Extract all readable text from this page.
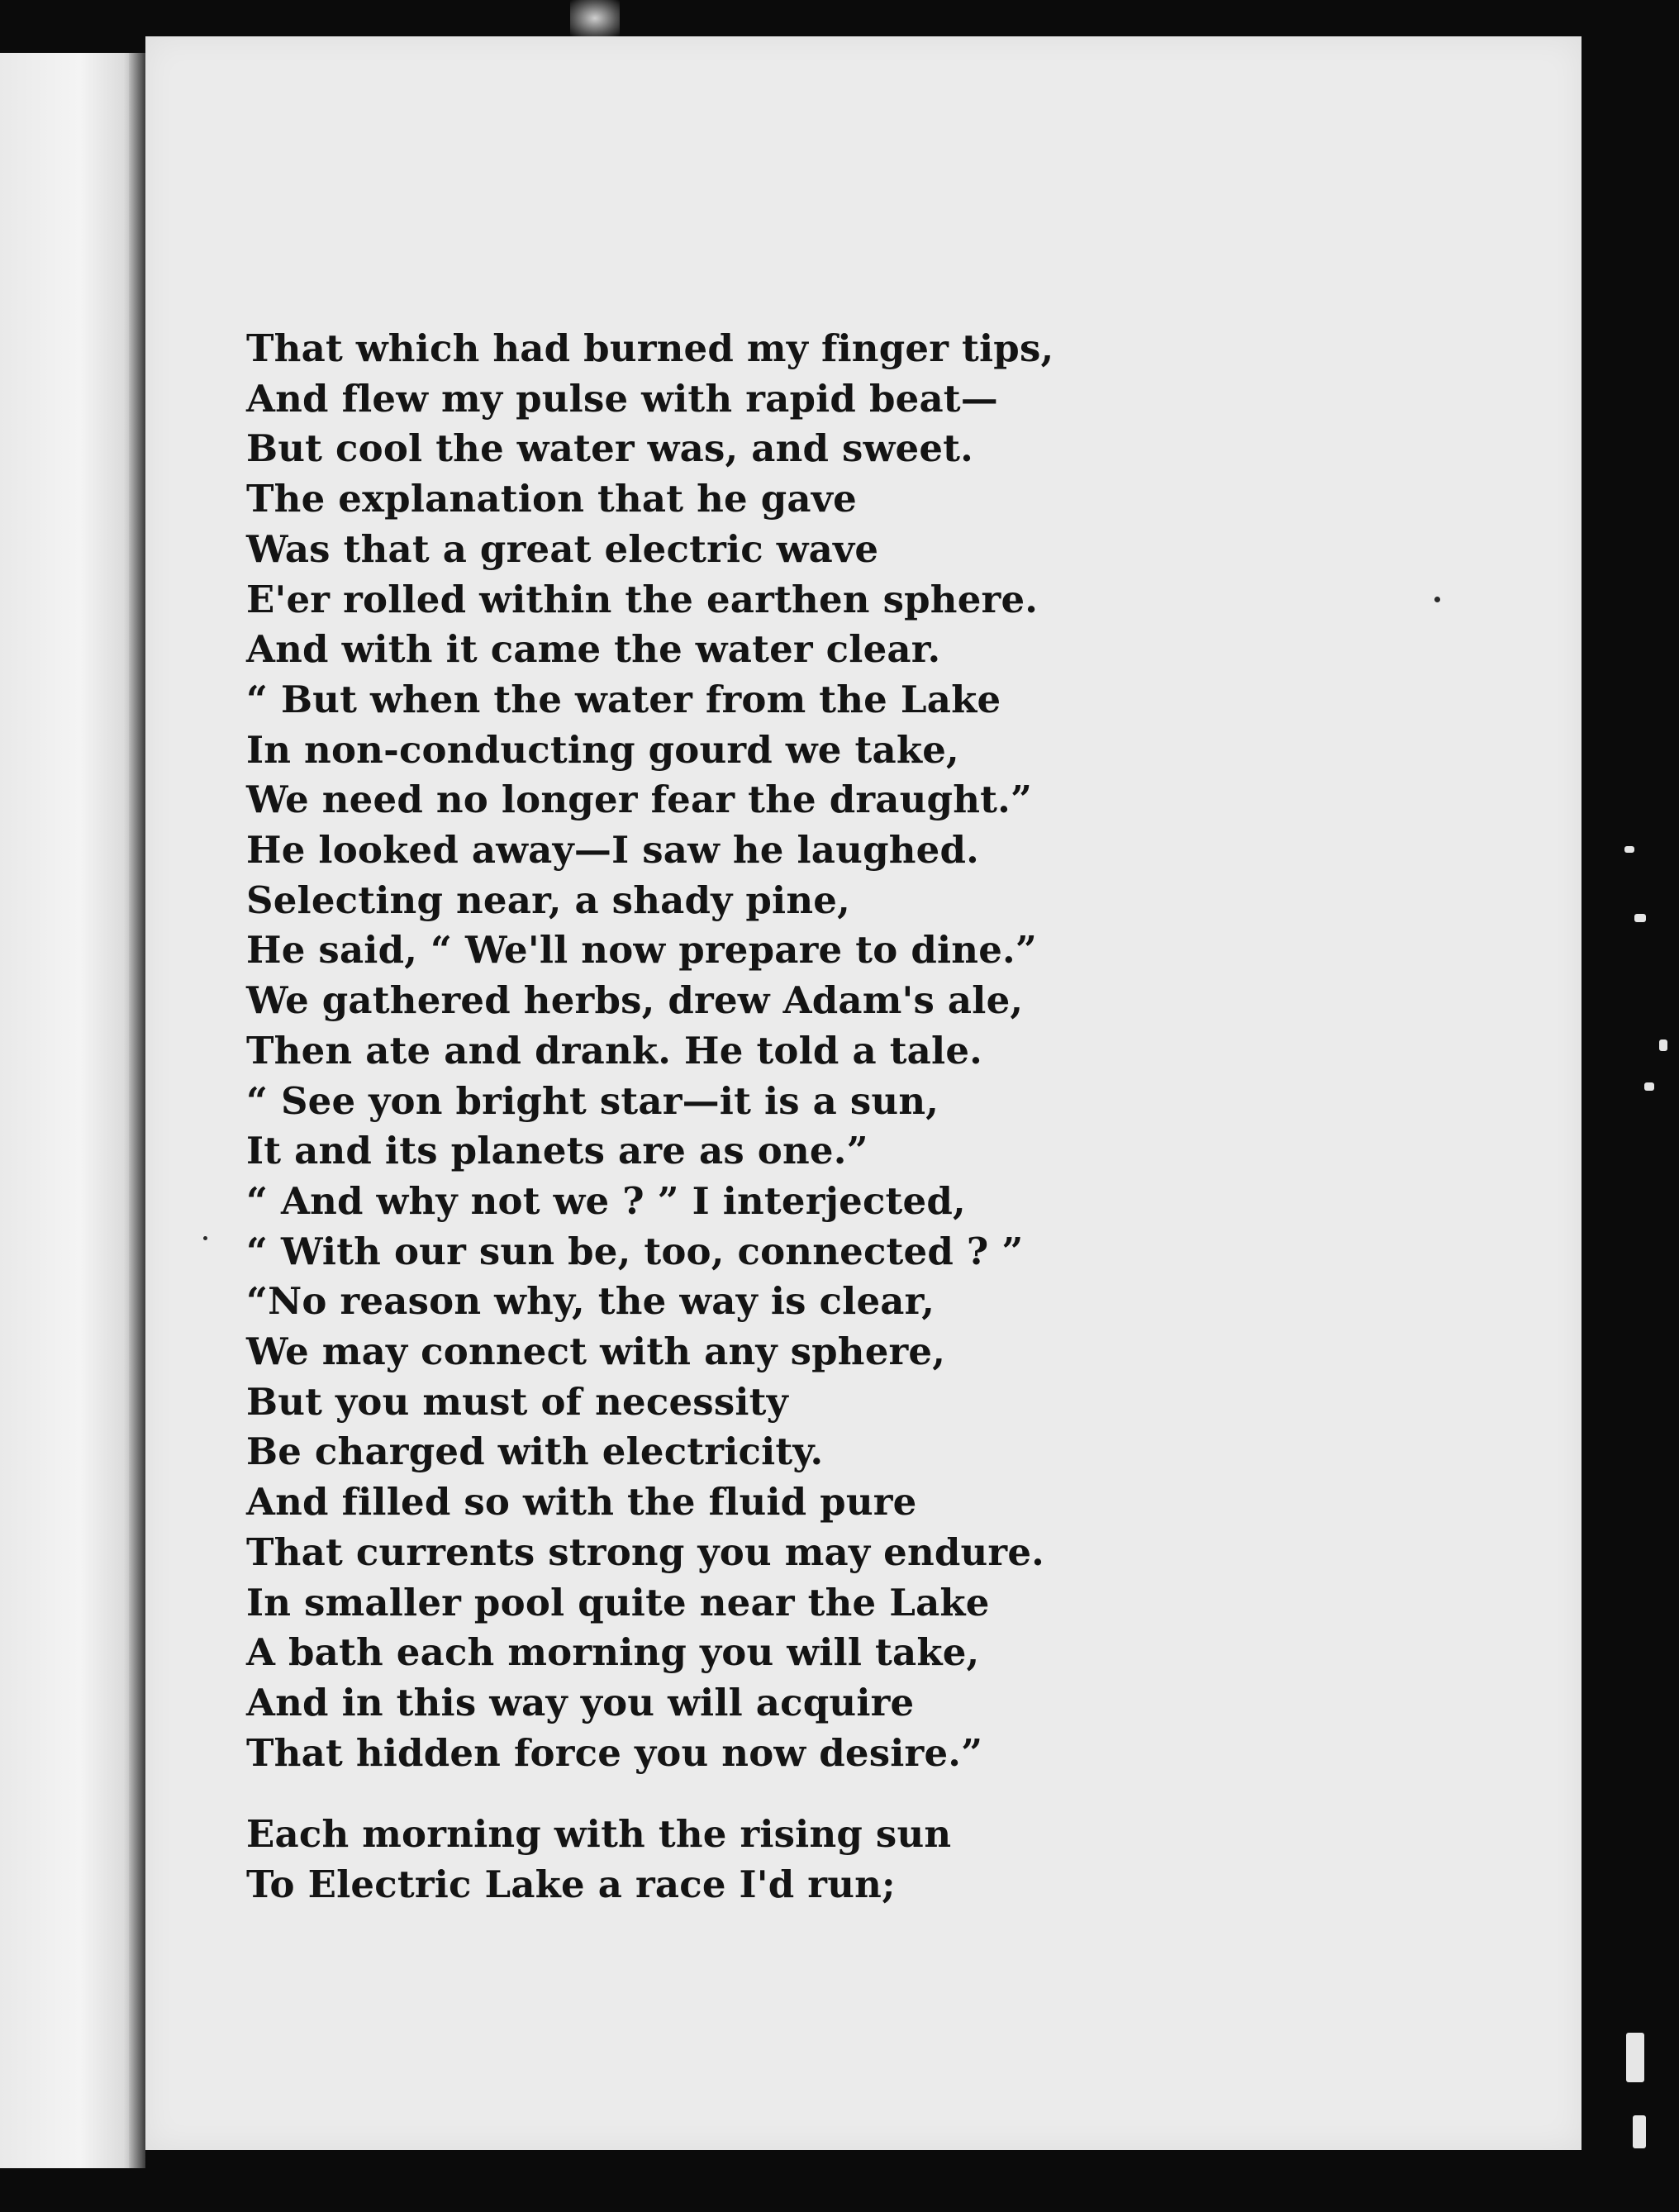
That which had burned my finger tips,
And flew my pulse with rapid beat—
But cool the water was, and sweet.
The explanation that he gave
Was that a great electric wave
E'er rolled within the earthen sphere.
And with it came the water clear.
“ But when the water from the Lake
In non-conducting gourd we take,
We need no longer fear the draught.”
He looked away—I saw he laughed.
Selecting near, a shady pine,
He said, “ We'll now prepare to dine.”
We gathered herbs, drew Adam's ale,
Then ate and drank. He told a tale.
“ See yon bright star—it is a sun,
It and its planets are as one.”
“ And why not we ? ” I interjected,
“ With our sun be, too, connected ? ”
“No reason why, the way is clear,
We may connect with any sphere,
But you must of necessity
Be charged with electricity.
And filled so with the fluid pure
That currents strong you may endure.
In smaller pool quite near the Lake
A bath each morning you will take,
And in this way you will acquire
That hidden force you now desire.”
Each morning with the rising sun
To Electric Lake a race I'd run;
